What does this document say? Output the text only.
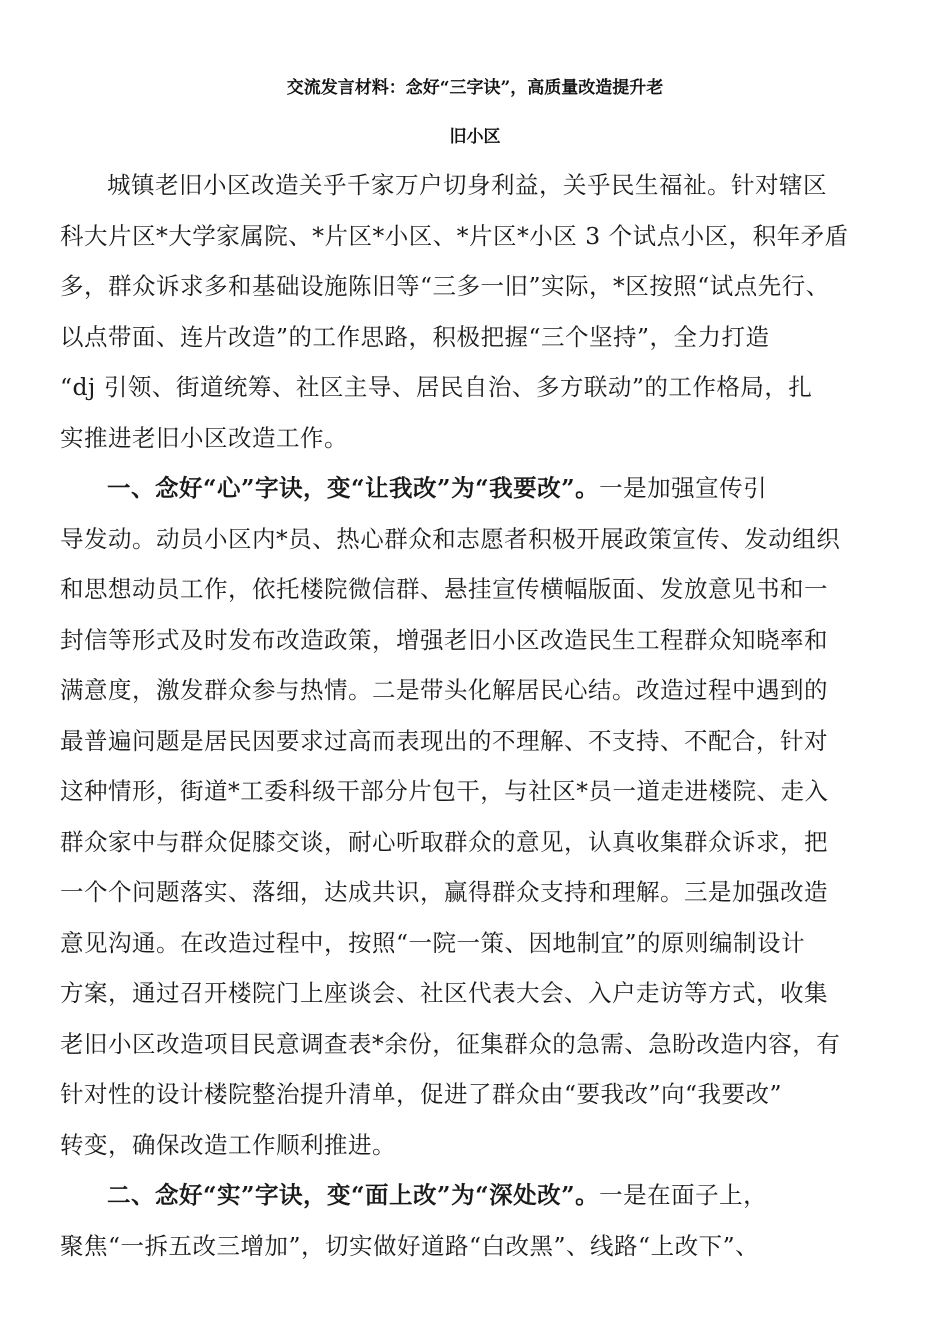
交流发言材料：念好“三字诀”，高质量改造提升老
旧小区
城镇老旧小区改造关乎千家万户切身利益，关乎民生福祉。针对辖区
科大片区*大学家属院、*片区*小区、*片区*小区 3 个试点小区，积年矛盾
多，群众诉求多和基础设施陈旧等“三多一旧”实际，*区按照“试点先行、
以点带面、连片改造”的工作思路，积极把握“三个坚持”，全力打造
“dj 引领、街道统筹、社区主导、居民自治、多方联动”的工作格局，扎
实推进老旧小区改造工作。
一、念好“心”字诀，变“让我改”为“我要改”。一是加强宣传引
导发动。动员小区内*员、热心群众和志愿者积极开展政策宣传、发动组织
和思想动员工作，依托楼院微信群、悬挂宣传横幅版面、发放意见书和一
封信等形式及时发布改造政策，增强老旧小区改造民生工程群众知晓率和
满意度，激发群众参与热情。二是带头化解居民心结。改造过程中遇到的
最普遍问题是居民因要求过高而表现出的不理解、不支持、不配合，针对
这种情形，街道*工委科级干部分片包干，与社区*员一道走进楼院、走入
群众家中与群众促膝交谈，耐心听取群众的意见，认真收集群众诉求，把
一个个问题落实、落细，达成共识，赢得群众支持和理解。三是加强改造
意见沟通。在改造过程中，按照“一院一策、因地制宜”的原则编制设计
方案，通过召开楼院门上座谈会、社区代表大会、入户走访等方式，收集
老旧小区改造项目民意调查表*余份，征集群众的急需、急盼改造内容，有
针对性的设计楼院整治提升清单，促进了群众由“要我改”向“我要改”
转变，确保改造工作顺利推进。
二、念好“实”字诀，变“面上改”为“深处改”。一是在面子上，
聚焦“一拆五改三增加”，切实做好道路“白改黑”、线路“上改下”、
